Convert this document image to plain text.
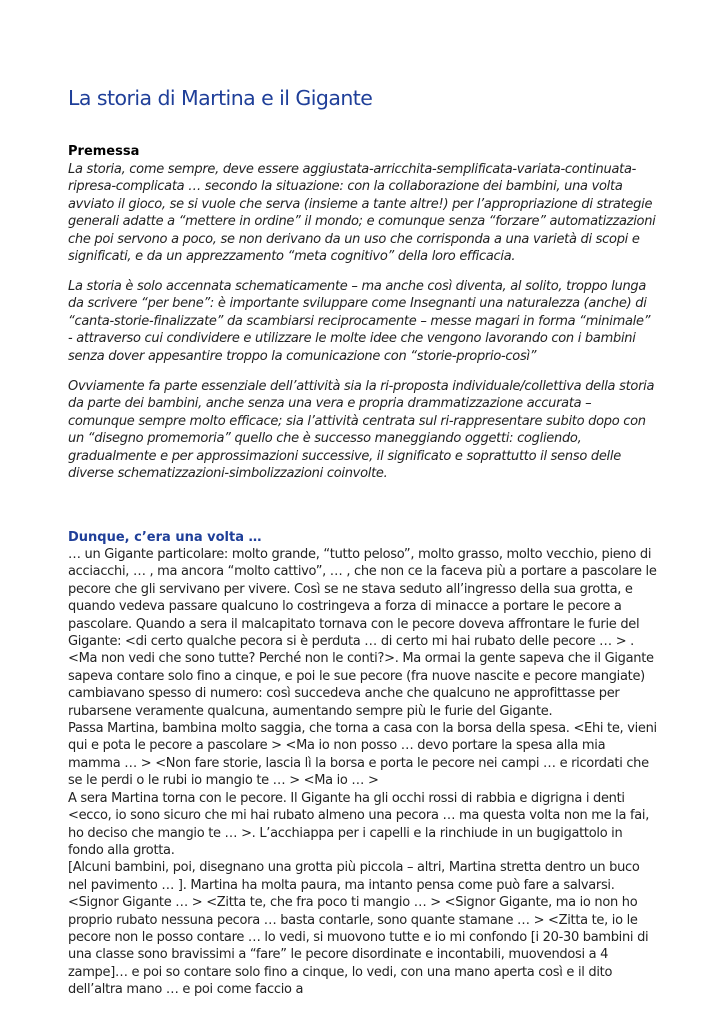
La storia di Martina e il Gigante
Premessa
La storia, come sempre, deve essere aggiustata-arricchita-semplificata-variata-continuata-ripresa-complicata … secondo la situazione: con la collaborazione dei bambini, una volta avviato il gioco, se si vuole che serva (insieme a tante altre!) per l’appropriazione di strategie generali adatte a “mettere in ordine” il mondo; e comunque senza “forzare” automatizzazioni che poi servono a poco, se non derivano da un uso che corrisponda a una varietà di scopi e significati, e da un apprezzamento “meta cognitivo” della loro efficacia.
La storia è solo accennata schematicamente – ma anche così diventa, al solito, troppo lunga da scrivere “per bene”: è importante sviluppare come Insegnanti una naturalezza (anche) di “canta-storie-finalizzate” da scambiarsi reciprocamente – messe magari in forma “minimale” - attraverso cui condividere e utilizzare le molte idee che vengono lavorando con i bambini senza dover appesantire troppo la comunicazione con “storie-proprio-così”
Ovviamente fa parte essenziale dell’attività sia la ri-proposta individuale/collettiva della storia da parte dei bambini, anche senza una vera e propria drammatizzazione accurata – comunque sempre molto efficace; sia l’attività centrata sul ri-rappresentare subito dopo con un “disegno promemoria” quello che è successo maneggiando oggetti: cogliendo, gradualmente e per approssimazioni successive, il significato e soprattutto il senso delle diverse schematizzazioni-simbolizzazioni coinvolte.
Dunque, c’era una volta …

… un Gigante particolare: molto grande, “tutto peloso”, molto grasso, molto vecchio, pieno di acciacchi, … , ma ancora “molto cattivo”, … , che non ce la faceva più a portare a pascolare le pecore che gli servivano per vivere. Così se ne stava seduto all’ingresso della sua grotta, e quando vedeva passare qualcuno lo costringeva a forza di minacce a portare le pecore a pascolare. Quando a sera il malcapitato tornava con le pecore doveva affrontare le furie del Gigante: <di certo qualche pecora si è perduta … di certo mi hai rubato delle pecore … > . <Ma non vedi che sono tutte? Perché non le conti?>. Ma ormai la gente sapeva che il Gigante sapeva contare solo fino a cinque, e poi le sue pecore (fra nuove nascite e pecore mangiate) cambiavano spesso di numero: così succedeva anche che qualcuno ne approfittasse per rubarsene veramente qualcuna, aumentando sempre più le furie del Gigante.

Passa Martina, bambina molto saggia, che torna a casa con la borsa della spesa. <Ehi te, vieni qui e pota le pecore a pascolare > <Ma io non posso … devo portare la spesa alla mia mamma … > <Non fare storie, lascia lì la borsa e porta le pecore nei campi … e ricordati che se le perdi o le rubi io mangio te … > <Ma io … >

A sera Martina torna con le pecore. Il Gigante ha gli occhi rossi di rabbia e digrigna i denti <ecco, io sono sicuro che mi hai rubato almeno una pecora … ma questa volta non me la fai, ho deciso che mangio te … >. L’acchiappa per i capelli e la rinchiude in un bugigattolo in fondo alla grotta.

[Alcuni bambini, poi, disegnano una grotta più piccola – altri, Martina stretta dentro un buco nel pavimento … ]. Martina ha molta paura, ma intanto pensa come può fare a salvarsi.

<Signor Gigante … > <Zitta te, che fra poco ti mangio … > <Signor Gigante, ma io non ho proprio rubato nessuna pecora … basta contarle, sono quante stamane … > <Zitta te, io le pecore non le posso contare … lo vedi, si muovono tutte e io mi confondo [i 20-30 bambini di una classe sono bravissimi a “fare” le pecore disordinate e incontabili, muovendosi a 4 zampe]… e poi so contare solo fino a cinque, lo vedi, con una mano aperta così e il dito dell’altra mano … e poi come faccio a
